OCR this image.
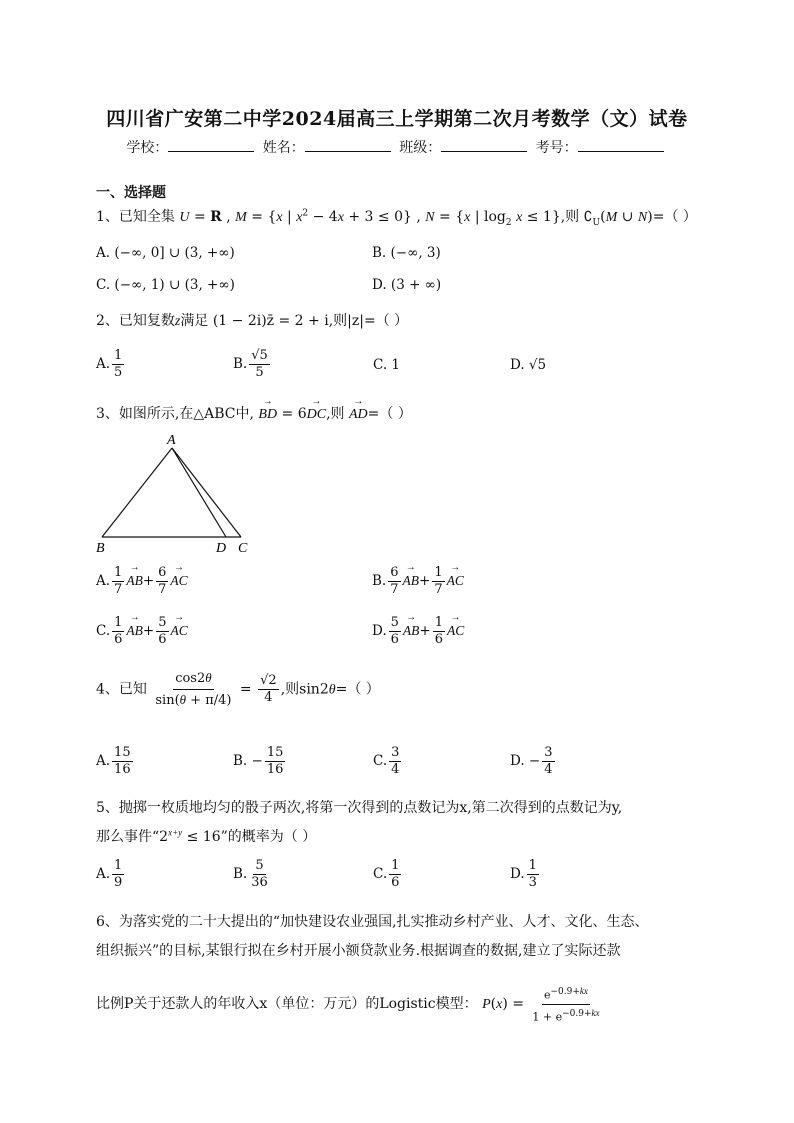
四川省广安第二中学2024届高三上学期第二次月考数学（文）试卷
学校：	姓名：	班级：	考号：
一、选择题
1、已知全集 U = R , M = {x | $x^2 - 4x + 3 \le 0$} , N = {x | $\log_2 x \le 1$},则 $∁_U(M$ ∪ N)=（ ）
A. (−∞, 0] ∪ (3, +∞)	B. (−∞, 3)
C. (−∞, 1) ∪ (3, +∞)	D. (3 + ∞)
2、已知复数z满足 (1 − 2i)z̄ = 2 + i,则|z|=（ ）
A. $\frac{1}{5}$	B. $\frac{√5}{5}$	C. 1	D. √5
3、如图所示,在△ABC中, → BD = 6→ DC,则 → AD=（ ）
A
B	D C
A. $\frac{1}{7}$
→ $AB+ \frac{6}{7}$
→ AC	B. $\frac{6}{7}$
→ $AB+ \frac{1}{7}$
→ AC
C. $\frac{1}{6}$
→ $AB+ \frac{5}{6}$
→ AC	D. $\frac{5}{6}$
→ $AB+ \frac{1}{6}$
→ AC
4、已知 $\frac{\cos 2\theta}{\sin(\theta + \pi/4)} = \frac{√2}{4}$ ,则sin2θ=（ ）
A. $\frac{15}{16}$	B. − $\frac{15}{16}$	C. $\frac{3}{4}$	D. − $\frac{3}{4}$
5、抛掷一枚质地均匀的骰子两次,将第一次得到的点数记为x,第二次得到的点数记为y,
那么事件“$2^{x+y} \le 16$”的概率为（ ）
A. $\frac{1}{9}$	B. $\frac{5}{36}$	C. $\frac{1}{6}$	D. $\frac{1}{3}$
6、为落实党的二十大提出的“加快建设农业强国,扎实推动乡村产业、人才、文化、生态、
组织振兴”的目标,某银行拟在乡村开展小额贷款业务.根据调查的数据,建立了实际还款
比例P关于还款人的年收入x（单位：万元）的Logistic模型： $P(x) = \frac{e^{-0.9+kx}}{1 + e^{-0.9+kx}}$
